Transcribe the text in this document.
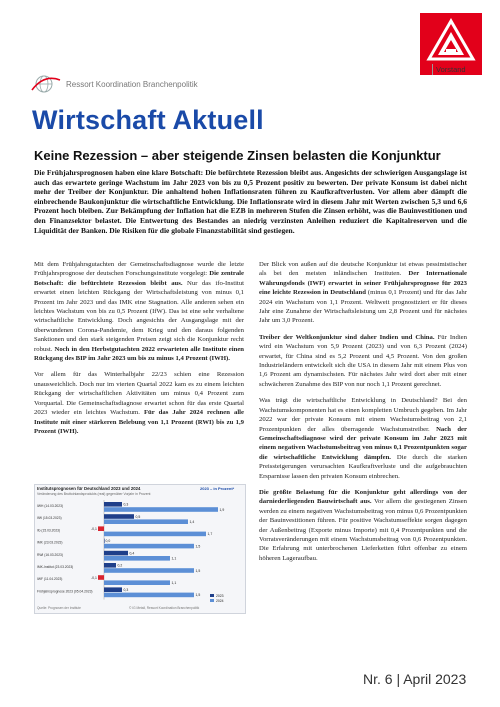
Vorstand
Ressort Koordination Branchenpolitik
Wirtschaft Aktuell
Keine Rezession – aber steigende Zinsen belasten die Konjunktur
Die Frühjahrsprognosen haben eine klare Botschaft: Die befürchtete Rezession bleibt aus. Angesichts der schwierigen Ausgangslage ist auch das erwartete geringe Wachstum im Jahr 2023 von bis zu 0,5 Prozent positiv zu bewerten. Der private Konsum ist dabei nicht mehr der Treiber der Konjunktur. Die anhaltend hohen Inflationsraten führen zu Kaufkraftverlusten. Vor allem aber dämpft die einbrechende Baukonjunktur die wirtschaftliche Entwicklung. Die Inflationsrate wird in diesem Jahr mit Werten zwischen 5,3 und 6,6 Prozent hoch bleiben. Zur Bekämpfung der Inflation hat die EZB in mehreren Stufen die Zinsen erhöht, was die Bauinvestitionen und den Finanzsektor belastet. Die Entwertung des Bestandes an niedrig verzinsten Anleihen reduziert die Kapitalreserven und die Liquidität der Banken. Die Risiken für die globale Finanzstabilität sind gestiegen.

Mit dem Frühjahrsgutachten der Gemeinschaftsdiagnose wurde die letzte Frühjahrsprognose der deutschen Forschungsinstitute vorgelegt: Die zentrale Botschaft: die befürchtete Rezession bleibt aus. Nur das ifo-Institut erwartet einen leichten Rückgang der Wirtschaftsleistung von minus 0,1 Prozent im Jahr 2023 und das IMK eine Stagnation. Alle anderen sehen ein leichtes Wachstum von bis zu 0,5 Prozent (IfW). Das ist eine sehr verhaltene wirtschaftliche Entwicklung. Doch angesichts der Ausgangslage mit der überwundenen Corona-Pandemie, dem Krieg und den daraus folgenden Sanktionen und den stark steigenden Preisen zeigt sich die Konjunktur recht robust. Noch in den Herbstgutachten 2022 erwarteten alle Institute einen Rückgang des BIP im Jahr 2023 um bis zu minus 1,4 Prozent (IWH).

Vor allem für das Winterhalbjahr 22/23 schien eine Rezession unausweichlich. Doch nur im vierten Quartal 2022 kam es zu einem leichten Rückgang der wirtschaftlichen Aktivitäten um minus 0,4 Prozent zum Vorquartal. Die Gemeinschaftsdiagnose erwartet schon für das erste Quartal 2023 wieder ein leichtes Wachstum. Für das Jahr 2024 rechnen alle Institute mit einer stärkeren Belebung von 1,1 Prozent (RWI) bis zu 1,9 Prozent (IWH).

Der Blick von außen auf die deutsche Konjunktur ist etwas pessimistischer als bei den meisten inländischen Instituten. Der Internationale Währungsfonds (IWF) erwartet in seiner Frühjahrsprognose für 2023 eine leichte Rezession in Deutschland (minus 0,1 Prozent) und für das Jahr 2024 ein Wachstum von 1,1 Prozent. Weltweit prognostiziert er für dieses Jahr eine Zunahme der Wirtschaftsleistung um 2,8 Prozent und für nächstes Jahr um 3,0 Prozent.

Treiber der Weltkonjunktur sind daher Indien und China. Für Indien wird ein Wachstum von 5,9 Prozent (2023) und von 6,3 Prozent (2024) erwartet, für China sind es 5,2 Prozent und 4,5 Prozent. Von den großen Industrieländern entwickelt sich die USA in diesem Jahr mit einem Plus von 1,6 Prozent am dynamischsten. Für nächstes Jahr wird dort aber mit einer schwächeren Zunahme des BIP von nur noch 1,1 Prozent gerechnet.

Was trägt die wirtschaftliche Entwicklung in Deutschland? Bei den Wachstumskomponenten hat es einen kompletten Umbruch gegeben. Im Jahr 2022 war der private Konsum mit einem Wachstumsbeitrag von 2,1 Prozentpunkten der alles überragende Wachstumstreiber. Nach der Gemeinschaftsdiagnose wird der private Konsum im Jahr 2023 mit einem negativen Wachstumsbeitrag von minus 0,1 Prozentpunkten sogar die wirtschaftliche Entwicklung dämpfen. Die durch die starken Preissteigerungen verursachten Kaufkraftverluste und die aufgebrauchten Ersparnisse lassen den privaten Konsum einbrechen.

Die größte Belastung für die Konjunktur geht allerdings von der darniederliegenden Bauwirtschaft aus. Vor allem die gestiegenen Zinsen werden zu einem negativen Wachstumsbeitrag von minus 0,6 Prozentpunkten der Bauinvestitionen führen. Für positive Wachstumseffekte sorgen dagegen der Außenbeitrag (Exporte minus Importe) mit 0,4 Prozentpunkten und die Vorratsveränderungen mit einem Wachstumsbeitrag von 0,6 Prozentpunkten. Die Erfahrung mit unterbrochenen Lieferketten führt offenbar zu einem höheren Lageraufbau.

Institutsprognosen für Deutschland 2023 und 2024
Veränderung des Bruttoinlandsprodukts (real) gegenüber Vorjahr in Prozent
2023 – in Prozent*
IWH (14.03.2023)	0,3
1,9
IfW (15.03.2023)	0,5
1,4
ifo (15.03.2023)	-0,1
1,7
IMK (23.03.2023)	0,0
1,5
RWI (16.03.2023)	0,4
1,1
IMK-Institut (23.03.2023)	0,2
1,5
IWF (11.04.2023)	-0,1
1,1
Frühjahrsprognose 2023 (05.04.2023)	0,3
1,5	2023
2024
Quelle: Prognosen der Institute	© IG Metall, Ressort Koordination Branchenpolitik
Nr. 6 | April 2023
